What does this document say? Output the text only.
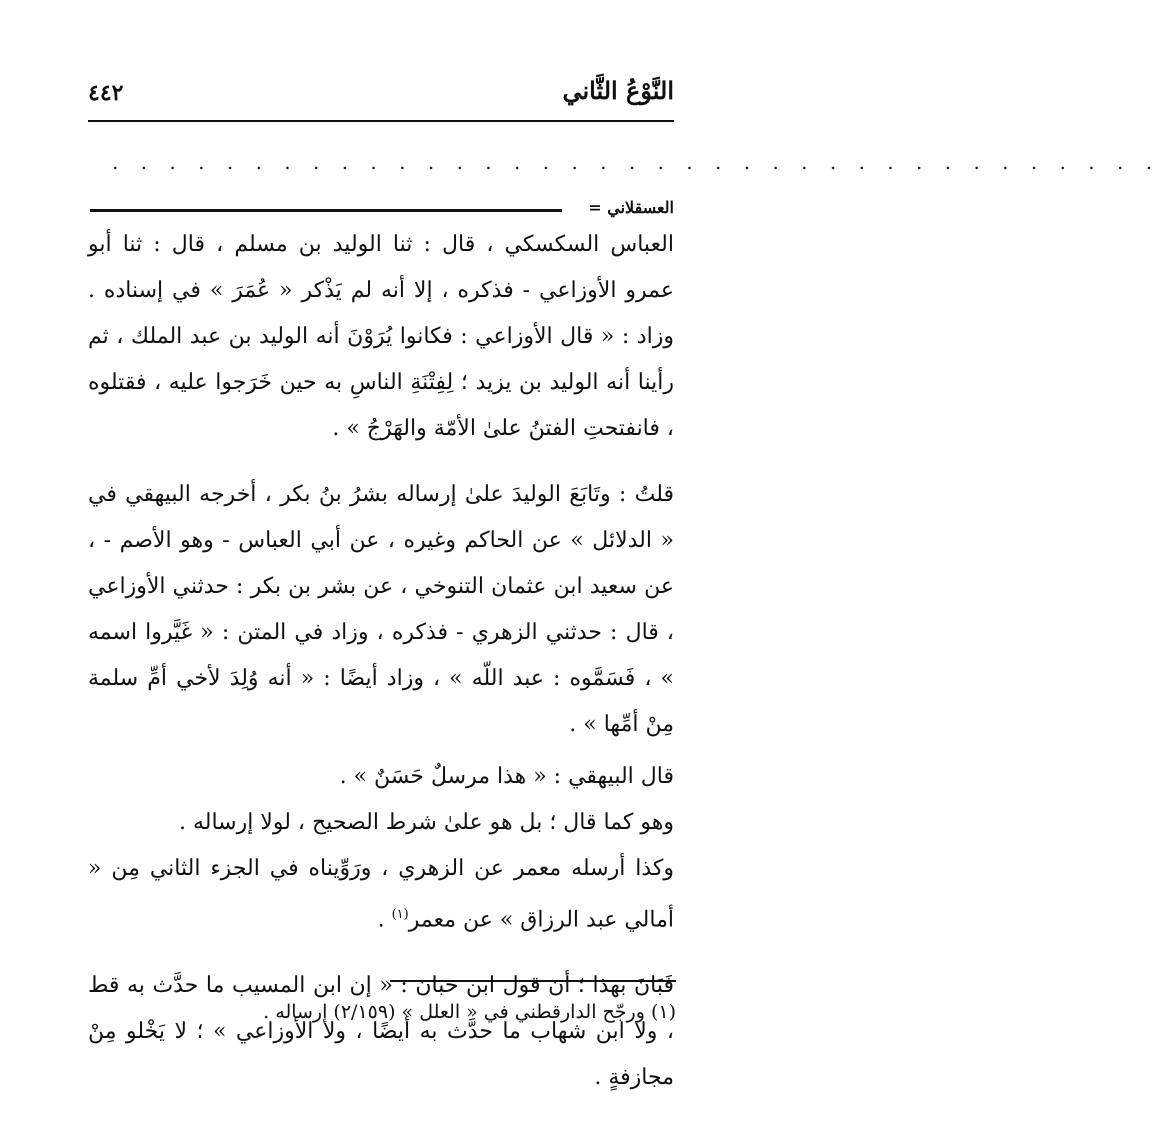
النَّوْعُ الثَّاني
٤٤٢
. . . . . . . . . . . . . . . . . . . . . . . . . . . . . . . . . . . . .
العسقلاني =

العباس السكسكي ، قال : ثنا الوليد بن مسلم ، قال : ثنا أبو عمرو الأوزاعي - فذكره ، إلا أنه لم يَذْكر « عُمَرَ » في إسناده . وزاد : « قال الأوزاعي : فكانوا يُرَوْنَ أنه الوليد بن عبد الملك ، ثم رأينا أنه الوليد بن يزيد ؛ لِفِتْنَةِ الناسِ به حين خَرَجوا عليه ، فقتلوه ، فانفتحتِ الفتنُ علىٰ الأمّة والهَرْجُ » .

قلتُ : وتَابَعَ الوليدَ علىٰ إرساله بشرُ بنُ بكر ، أخرجه البيهقي في « الدلائل » عن الحاكم وغيره ، عن أبي العباس - وهو الأصم - ، عن سعيد ابن عثمان التنوخي ، عن بشر بن بكر : حدثني الأوزاعي ، قال : حدثني الزهري - فذكره ، وزاد في المتن : « غَيَّروا اسمه » ، فَسَمَّوه : عبد اللّه » ، وزاد أيضًا : « أنه وُلِدَ لأخي أمِّ سلمة مِنْ أمِّها » .

قال البيهقي : « هذا مرسلٌ حَسَنٌ » .

وهو كما قال ؛ بل هو علىٰ شرط الصحيح ، لولا إرساله .

وكذا أرسله معمر عن الزهري ، ورَوِّيناه في الجزء الثاني مِن « أمالي عبد الرزاق » عن معمر$^{(١)}$ .

فَبَانَ بهذا ؛ أن قول ابن حبان : « إن ابن المسيب ما حدَّث به قط ، ولا ابن شهاب ما حدَّث به أيضًا ، ولا الأوزاعي » ؛ لا يَخْلو مِنْ مجازفةٍ .

(١) ورجّح الدارقطني في « العلل » (٢/١٥٩) إرساله .
